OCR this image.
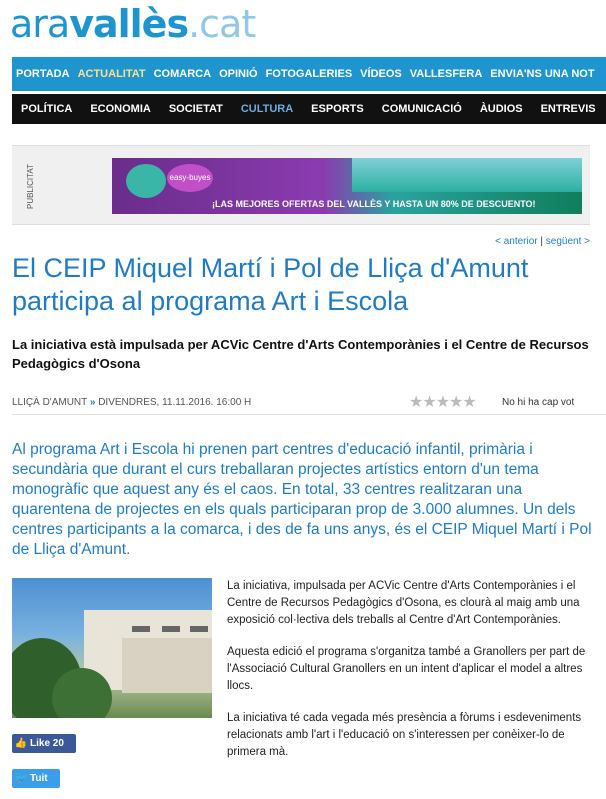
aravallès.cat
PORTADA ACTUALITAT COMARCA OPINIÓ FOTOGALERIES VÍDEOS VALLESFERA ENVIA'NS UNA NOT
POLÍTICA ECONOMIA SOCIETAT CULTURA ESPORTS COMUNICACIÓ ÀUDIOS ENTREVIS
PUBLICITAT	easy-buyes
¡LAS MEJORES OFERTAS DEL VALLÈS Y HASTA UN 80% DE DESCUENTO!
< anterior | següent >
El CEIP Miquel Martí i Pol de Lliça d'Amunt participa al programa Art i Escola
La iniciativa està impulsada per ACVic Centre d'Arts Contemporànies i el Centre de Recursos Pedagògics d'Osona
LLIÇÀ D'AMUNT » DIVENDRES, 11.11.2016. 16:00 H	★★★★★	No hi ha cap vot
Al programa Art i Escola hi prenen part centres d'educació infantil, primària i secundària que durant el curs treballaran projectes artístics entorn d'un tema monogràfic que aquest any és el caos. En total, 33 centres realitzaran una quarentena de projectes en els quals participaran prop de 3.000 alumnes. Un dels centres participants a la comarca, i des de fa uns anys, és el CEIP Miquel Martí i Pol de Lliça d'Amunt.
👍 Like 20
🐦 Tuit

La iniciativa, impulsada per ACVic Centre d'Arts Contemporànies i el Centre de Recursos Pedagògics d'Osona, es clourà al maig amb una exposició col·lectiva dels treballs al Centre d'Art Contemporànies.

Aquesta edició el programa s'organitza també a Granollers per part de l'Associació Cultural Granollers en un intent d'aplicar el model a altres llocs.

La iniciativa té cada vegada més presència a fòrums i esdeveniments relacionats amb l'art i l'educació on s'interessen per conèixer-lo de primera mà.
